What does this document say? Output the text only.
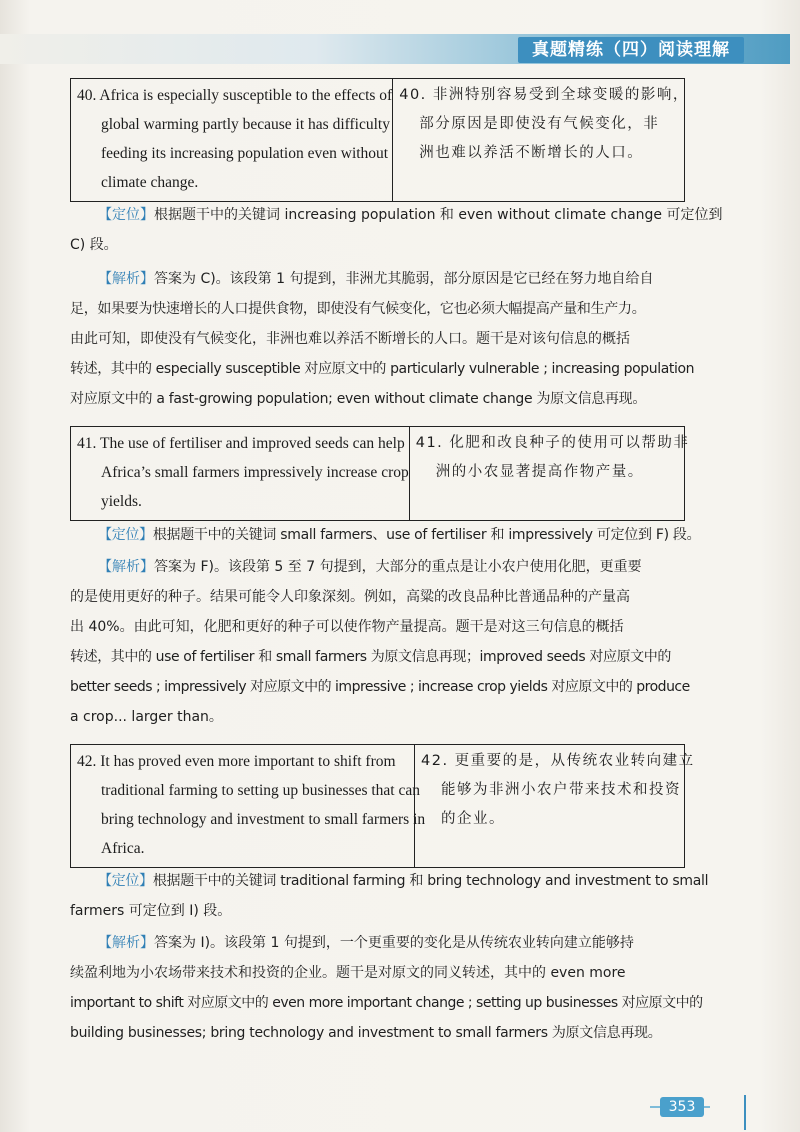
真题精练（四）阅读理解
40. Africa is especially susceptible to the effects of
global warming partly because it has difficulty
feeding its increasing population even without
climate change.
40. 非洲特别容易受到全球变暖的影响，
部分原因是即使没有气候变化，非
洲也难以养活不断增长的人口。
【定位】根据题干中的关键词 increasing population 和 even without climate change 可定位到
C) 段。
【解析】答案为 C)。该段第 1 句提到，非洲尤其脆弱，部分原因是它已经在努力地自给自
足，如果要为快速增长的人口提供食物，即使没有气候变化，它也必须大幅提高产量和生产力。
由此可知，即使没有气候变化，非洲也难以养活不断增长的人口。题干是对该句信息的概括
转述，其中的 especially susceptible 对应原文中的 particularly vulnerable ; increasing population
对应原文中的 a fast-growing population; even without climate change 为原文信息再现。
41. The use of fertiliser and improved seeds can help
Africa’s small farmers impressively increase crop
yields.
41. 化肥和改良种子的使用可以帮助非
洲的小农显著提高作物产量。
【定位】根据题干中的关键词 small farmers、use of fertiliser 和 impressively 可定位到 F) 段。
【解析】答案为 F)。该段第 5 至 7 句提到，大部分的重点是让小农户使用化肥，更重要
的是使用更好的种子。结果可能令人印象深刻。例如，高粱的改良品种比普通品种的产量高
出 40%。由此可知，化肥和更好的种子可以使作物产量提高。题干是对这三句信息的概括
转述，其中的 use of fertiliser 和 small farmers 为原文信息再现；improved seeds 对应原文中的
better seeds ; impressively 对应原文中的 impressive ; increase crop yields 对应原文中的 produce
a crop... larger than。
42. It has proved even more important to shift from
traditional farming to setting up businesses that can
bring technology and investment to small farmers in
Africa.
42. 更重要的是，从传统农业转向建立
能够为非洲小农户带来技术和投资
的企业。
【定位】根据题干中的关键词 traditional farming 和 bring technology and investment to small
farmers 可定位到 I) 段。
【解析】答案为 I)。该段第 1 句提到，一个更重要的变化是从传统农业转向建立能够持
续盈利地为小农场带来技术和投资的企业。题干是对原文的同义转述，其中的 even more
important to shift 对应原文中的 even more important change ; setting up businesses 对应原文中的
building businesses; bring technology and investment to small farmers 为原文信息再现。
353
